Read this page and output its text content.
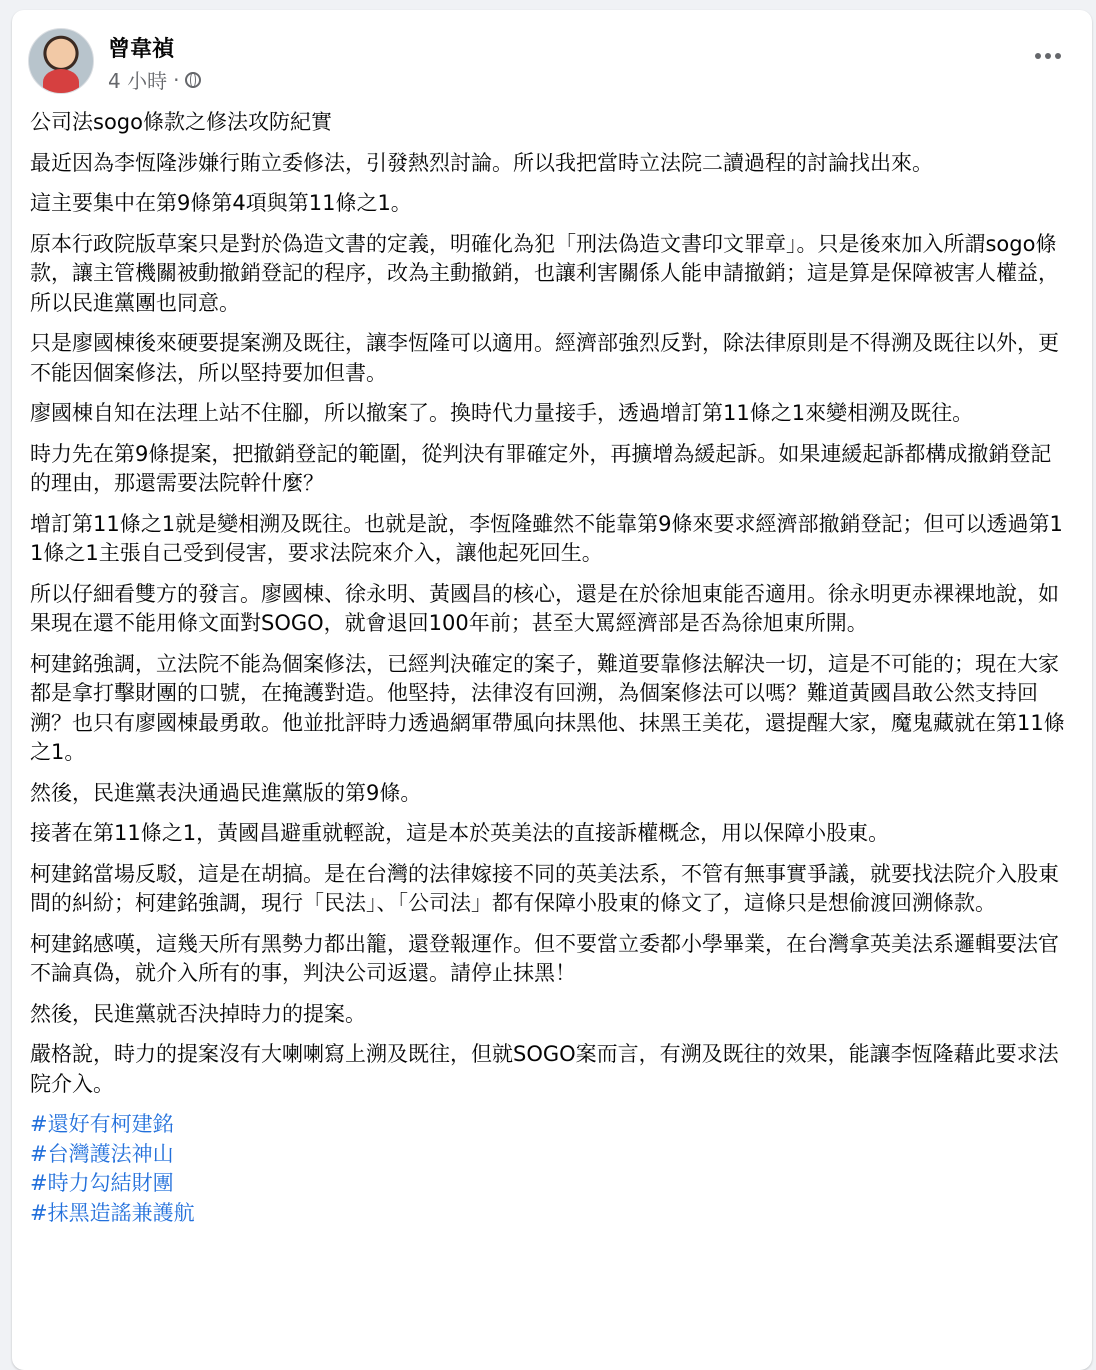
曾韋禎
4 小時 ·

公司法sogo條款之修法攻防紀實

最近因為李恆隆涉嫌行賄立委修法，引發熱烈討論。所以我把當時立法院二讀過程的討論找出來。

這主要集中在第9條第4項與第11條之1。

原本行政院版草案只是對於偽造文書的定義，明確化為犯「刑法偽造文書印文罪章」。只是後來加入所謂sogo條款，讓主管機關被動撤銷登記的程序，改為主動撤銷，也讓利害關係人能申請撤銷；這是算是保障被害人權益，所以民進黨團也同意。

只是廖國棟後來硬要提案溯及既往，讓李恆隆可以適用。經濟部強烈反對，除法律原則是不得溯及既往以外，更不能因個案修法，所以堅持要加但書。

廖國棟自知在法理上站不住腳，所以撤案了。換時代力量接手，透過增訂第11條之1來變相溯及既往。

時力先在第9條提案，把撤銷登記的範圍，從判決有罪確定外，再擴增為緩起訴。如果連緩起訴都構成撤銷登記的理由，那還需要法院幹什麼？

增訂第11條之1就是變相溯及既往。也就是說，李恆隆雖然不能靠第9條來要求經濟部撤銷登記；但可以透過第11條之1主張自己受到侵害，要求法院來介入，讓他起死回生。

所以仔細看雙方的發言。廖國棟、徐永明、黃國昌的核心，還是在於徐旭東能否適用。徐永明更赤裸裸地說，如果現在還不能用條文面對SOGO，就會退回100年前；甚至大罵經濟部是否為徐旭東所開。

柯建銘強調，立法院不能為個案修法，已經判決確定的案子，難道要靠修法解決一切，這是不可能的；現在大家都是拿打擊財團的口號，在掩護對造。他堅持，法律沒有回溯，為個案修法可以嗎？難道黃國昌敢公然支持回溯？也只有廖國棟最勇敢。他並批評時力透過網軍帶風向抹黑他、抹黑王美花，還提醒大家，魔鬼藏就在第11條之1。

然後，民進黨表決通過民進黨版的第9條。

接著在第11條之1，黃國昌避重就輕說，這是本於英美法的直接訴權概念，用以保障小股東。

柯建銘當場反駁，這是在胡搞。是在台灣的法律嫁接不同的英美法系，不管有無事實爭議，就要找法院介入股東間的糾紛；柯建銘強調，現行「民法」、「公司法」都有保障小股東的條文了，這條只是想偷渡回溯條款。

柯建銘感嘆，這幾天所有黑勢力都出籠，還登報運作。但不要當立委都小學畢業，在台灣拿英美法系邏輯要法官不論真偽，就介入所有的事，判決公司返還。請停止抹黑！

然後，民進黨就否決掉時力的提案。

嚴格說，時力的提案沒有大喇喇寫上溯及既往，但就SOGO案而言，有溯及既往的效果，能讓李恆隆藉此要求法院介入。

#還好有柯建銘
#台灣護法神山
#時力勾結財團
#抹黑造謠兼護航
